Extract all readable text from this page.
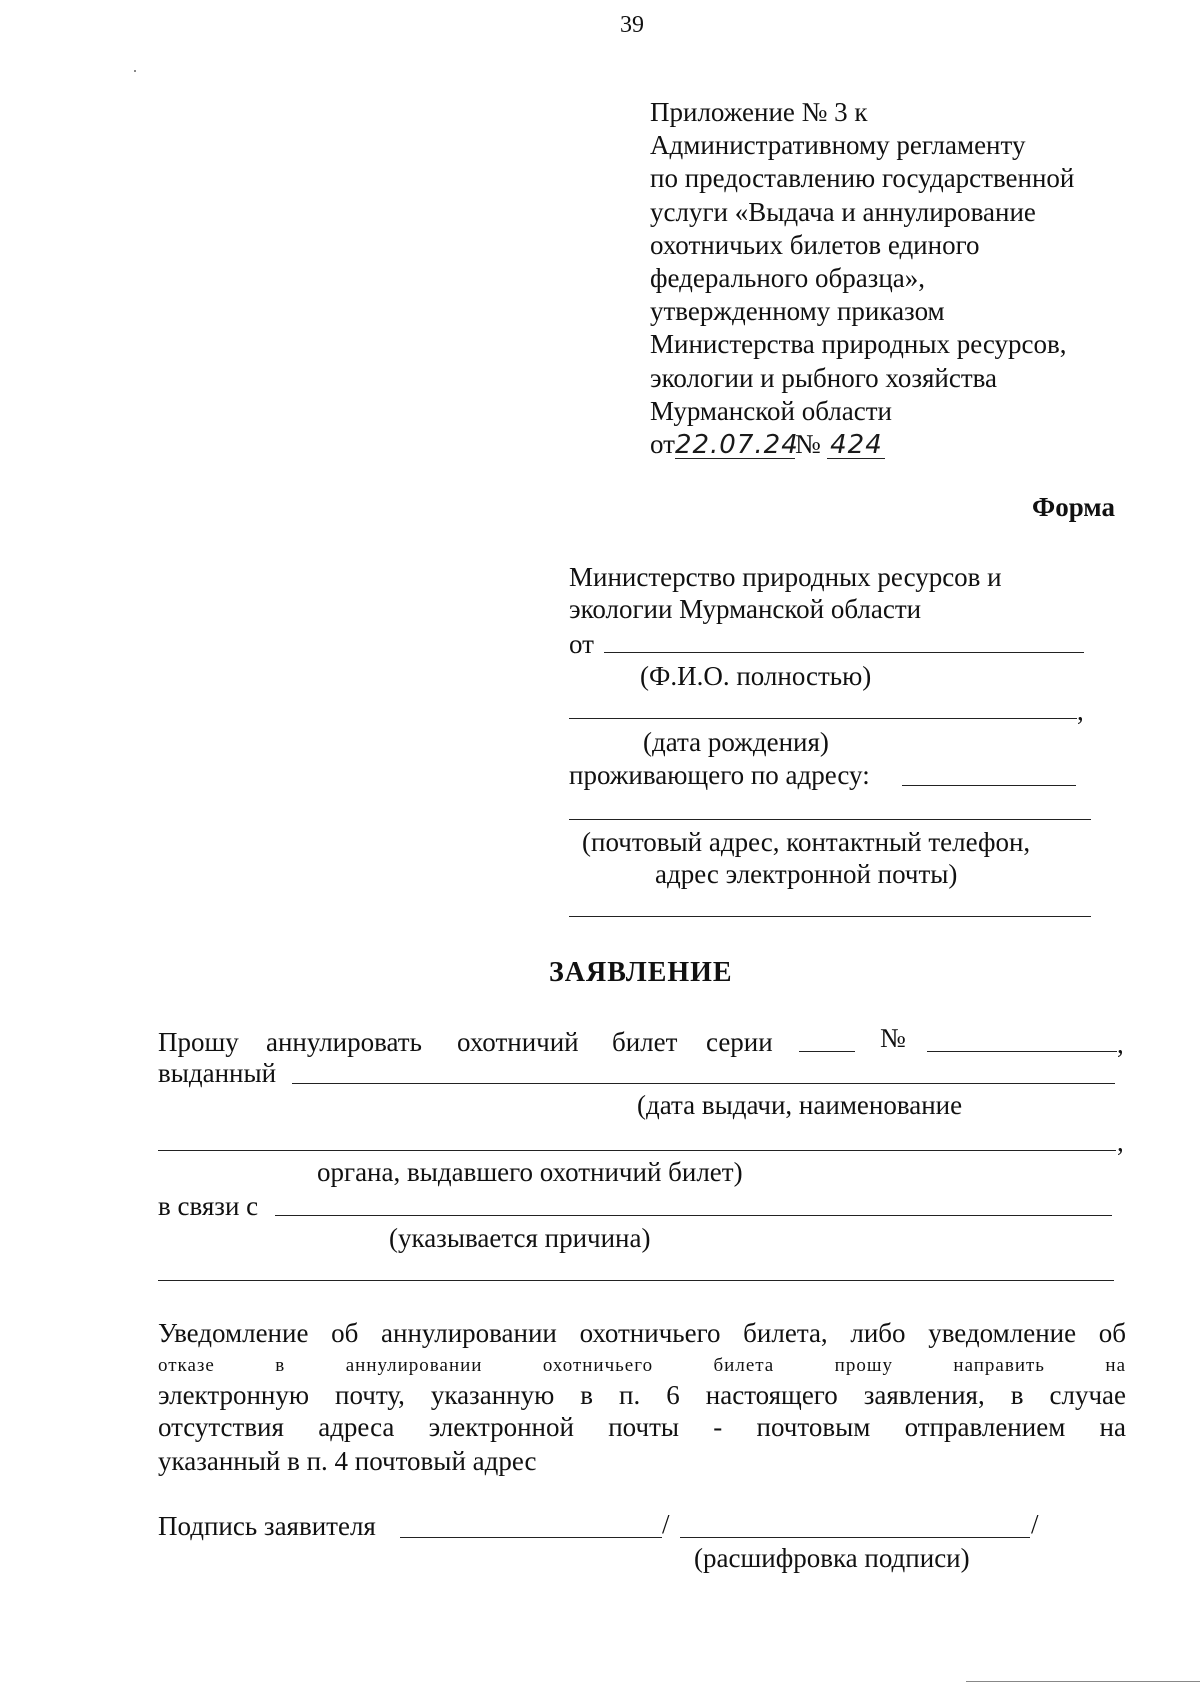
39
Приложение № 3 к
Административному регламенту
по предоставлению государственной
услуги «Выдача и аннулирование
охотничьих билетов единого
федерального образца»,
утвержденному приказом
Министерства природных ресурсов,
экологии и рыбного хозяйства
Мурманской области
от22.07.24№ 424
Форма
Министерство природных ресурсов и
экологии Мурманской области
от
(Ф.И.О. полностью)
,
(дата рождения)
проживающего по адресу:
(почтовый адрес, контактный телефон,
адрес электронной почты)
ЗАЯВЛЕНИЕ
Прошу аннулировать охотничий билет серии	№	,
выданный
(дата выдачи, наименование
,
органа, выдавшего охотничий билет)
в связи с
(указывается причина)
Уведомление об аннулировании охотничьего билета, либо уведомление об
отказе в аннулировании охотничьего билета прошу направить на
электронную почту, указанную в п. 6 настоящего заявления, в случае
отсутствия адреса электронной почты - почтовым отправлением на
указанный в п. 4 почтовый адрес
Подпись заявителя	/	/
(расшифровка подписи)
